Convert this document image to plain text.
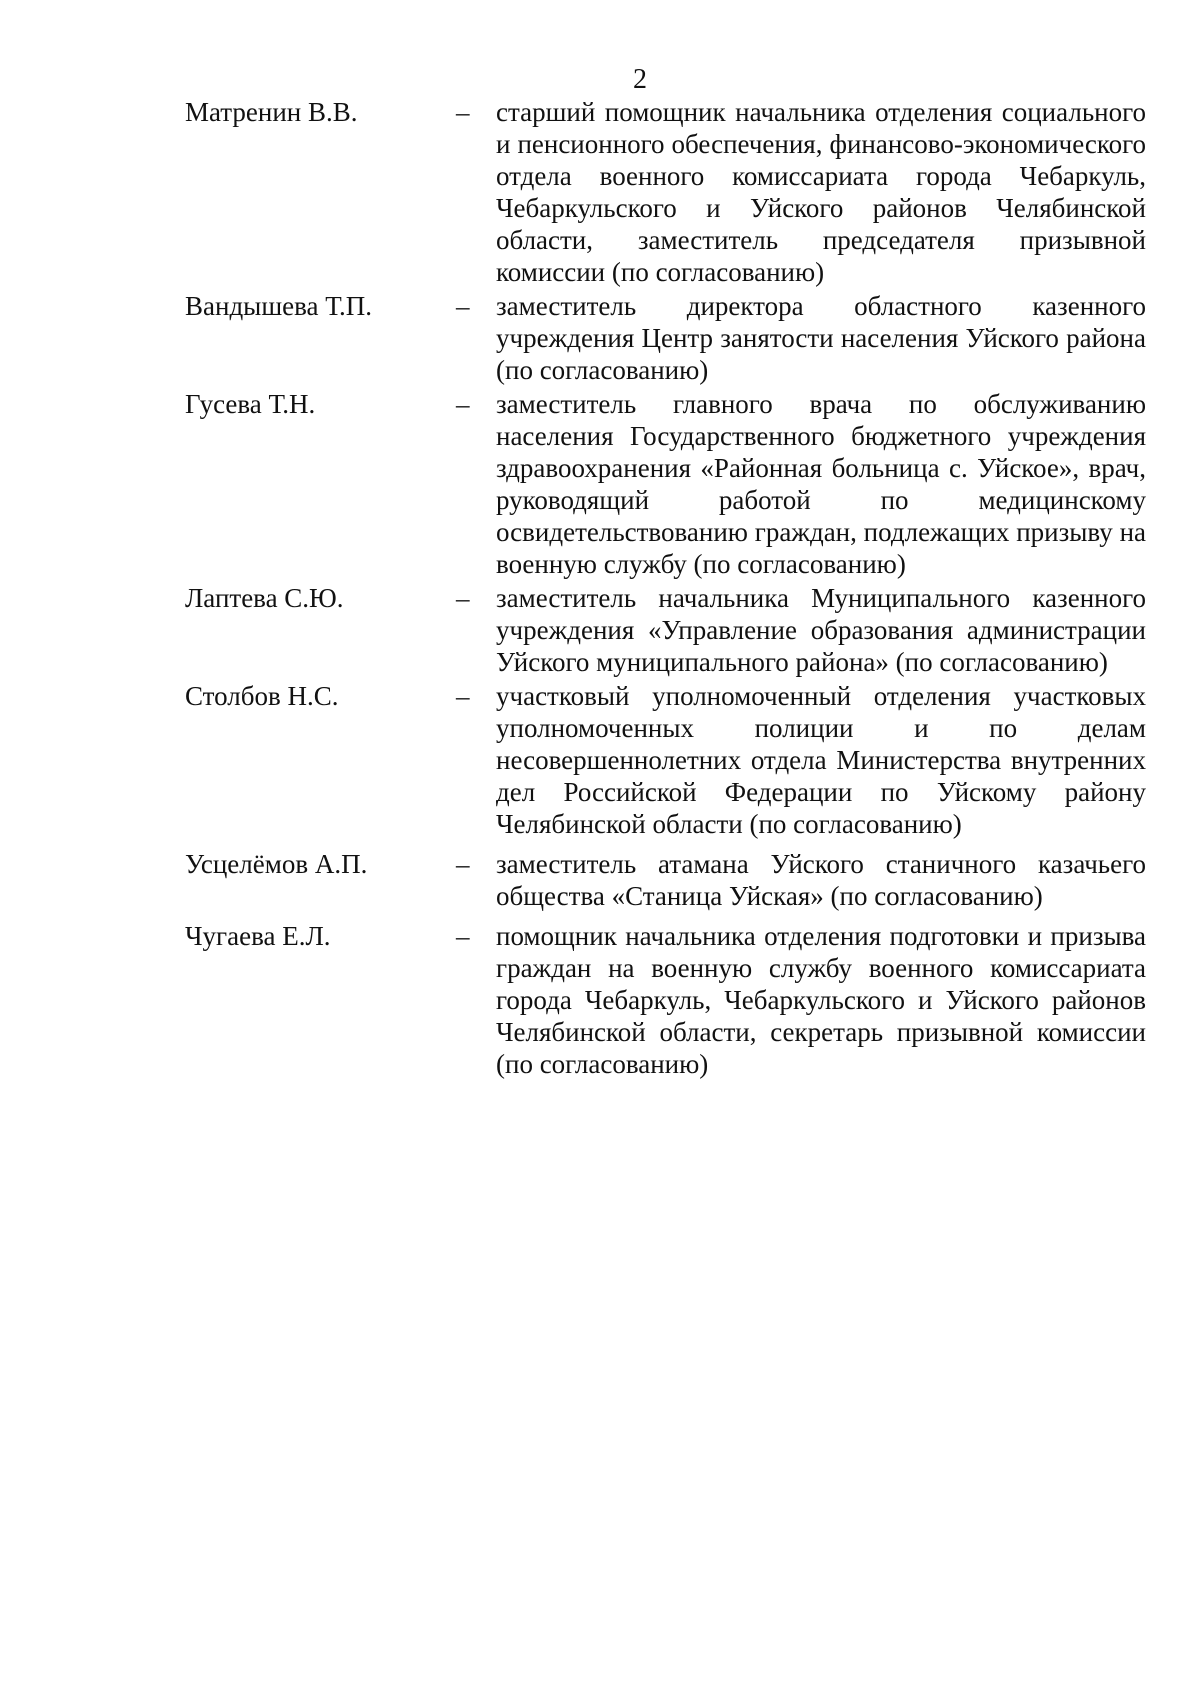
2
Матренин В.В.	– старший помощник начальника отделения социального и пенсионного обеспечения, финансово-экономического отдела военного комиссариата города Чебаркуль, Чебаркульского и Уйского районов Челябинской области, заместитель председателя призывной комиссии (по согласованию)
Вандышева Т.П.	– заместитель директора областного казенного учреждения Центр занятости населения Уйского района (по согласованию)
Гусева Т.Н.	– заместитель главного врача по обслуживанию населения Государственного бюджетного учреждения здравоохранения «Районная больница с. Уйское», врач, руководящий работой по медицинскому освидетельствованию граждан, подлежащих призыву на военную службу (по согласованию)
Лаптева С.Ю.	– заместитель начальника Муниципального казенного учреждения «Управление образования администрации Уйского муниципального района» (по согласованию)
Столбов Н.С.	– участковый уполномоченный отделения участковых уполномоченных полиции и по делам несовершеннолетних отдела Министерства внутренних дел Российской Федерации по Уйскому району Челябинской области (по согласованию)
Усцелёмов А.П.	– заместитель атамана Уйского станичного казачьего общества «Станица Уйская» (по согласованию)
Чугаева Е.Л.	– помощник начальника отделения подготовки и призыва граждан на военную службу военного комиссариата города Чебаркуль, Чебаркульского и Уйского районов Челябинской области, секретарь призывной комиссии (по согласованию)
